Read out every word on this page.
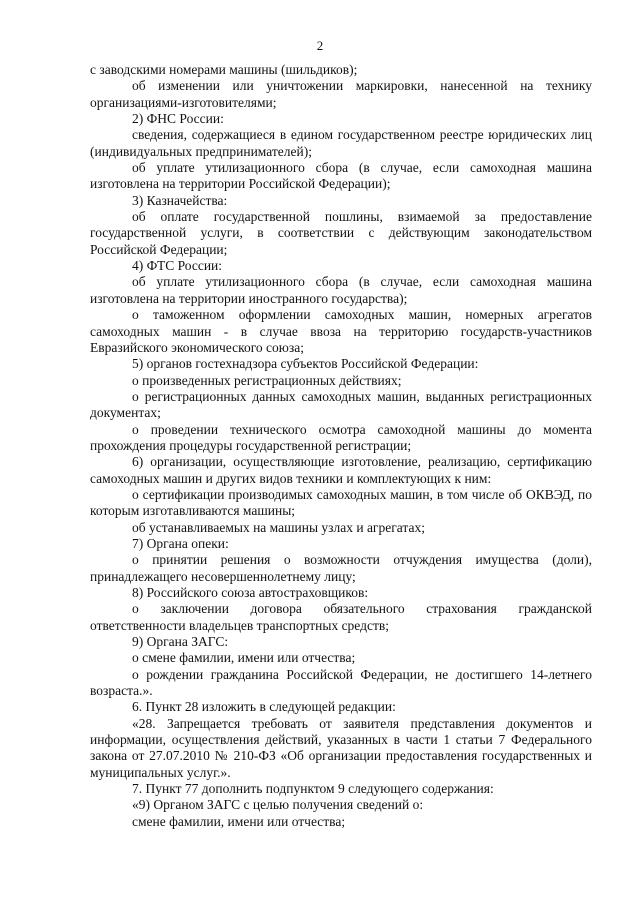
2

с заводскими номерами машины (шильдиков);

об изменении или уничтожении маркировки, нанесенной на технику организациями-изготовителями;

2) ФНС России:

сведения, содержащиеся в едином государственном реестре юридических лиц (индивидуальных предпринимателей);

об уплате утилизационного сбора (в случае, если самоходная машина изготовлена на территории Российской Федерации);

3) Казначейства:

об оплате государственной пошлины, взимаемой за предоставление государственной услуги, в соответствии с действующим законодательством Российской Федерации;

4) ФТС России:

об уплате утилизационного сбора (в случае, если самоходная машина изготовлена на территории иностранного государства);

о таможенном оформлении самоходных машин, номерных агрегатов самоходных машин - в случае ввоза на территорию государств-участников Евразийского экономического союза;

5) органов гостехнадзора субъектов Российской Федерации:

о произведенных регистрационных действиях;

о регистрационных данных самоходных машин, выданных регистрационных документах;

о проведении технического осмотра самоходной машины до момента прохождения процедуры государственной регистрации;

6) организации, осуществляющие изготовление, реализацию, сертификацию самоходных машин и других видов техники и комплектующих к ним:

о сертификации производимых самоходных машин, в том числе об ОКВЭД, по которым изготавливаются машины;

об устанавливаемых на машины узлах и агрегатах;

7) Органа опеки:

о принятии решения о возможности отчуждения имущества (доли), принадлежащего несовершеннолетнему лицу;

8) Российского союза автостраховщиков:

о заключении договора обязательного страхования гражданской ответственности владельцев транспортных средств;

9) Органа ЗАГС:

о смене фамилии, имени или отчества;

о рождении гражданина Российской Федерации, не достигшего 14-летнего возраста.».

6. Пункт 28 изложить в следующей редакции:

«28. Запрещается требовать от заявителя представления документов и информации, осуществления действий, указанных в части 1 статьи 7 Федерального закона от 27.07.2010 № 210-ФЗ «Об организации предоставления государственных и муниципальных услуг.».

7. Пункт 77 дополнить подпунктом 9 следующего содержания:

«9) Органом ЗАГС с целью получения сведений о:

смене фамилии, имени или отчества;
